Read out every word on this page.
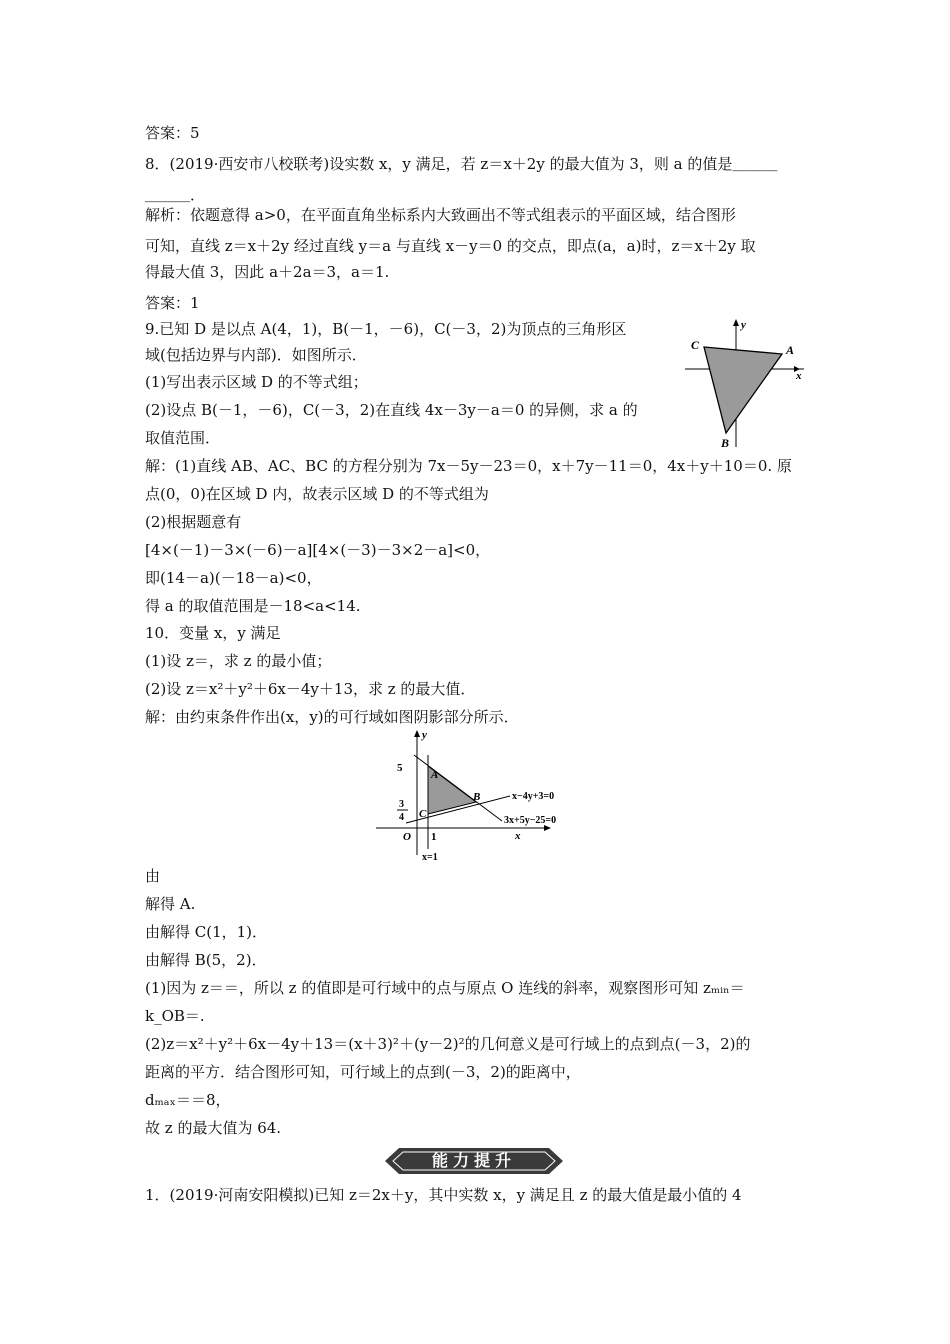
答案：5
8．(2019·西安市八校联考)设实数 x，y 满足，若 z＝x＋2y 的最大值为 3，则 a 的值是＿＿＿
＿＿＿．
解析：依题意得 a>0，在平面直角坐标系内大致画出不等式组表示的平面区域，结合图形
可知，直线 z＝x＋2y 经过直线 y＝a 与直线 x－y＝0 的交点，即点(a，a)时，z＝x＋2y 取
得最大值 3，因此 a＋2a＝3，a＝1.
答案：1
9.已知 D 是以点 A(4，1)，B(－1，－6)，C(－3，2)为顶点的三角形区
域(包括边界与内部)．如图所示．
(1)写出表示区域 D 的不等式组；
(2)设点 B(－1，－6)，C(－3，2)在直线 4x－3y－a＝0 的异侧，求 a 的
取值范围．
解：(1)直线 AB、AC、BC 的方程分别为 7x－5y－23＝0，x＋7y－11＝0，4x＋y＋10＝0. 原
点(0，0)在区域 D 内，故表示区域 D 的不等式组为
(2)根据题意有
[4×(－1)－3×(－6)－a][4×(－3)－3×2－a]<0，
即(14－a)(－18－a)<0，
得 a 的取值范围是－18<a<14.
10．变量 x，y 满足
(1)设 z＝，求 z 的最小值；
(2)设 z＝x²＋y²＋6x－4y＋13，求 z 的最大值．
解：由约束条件作出(x，y)的可行域如图阴影部分所示．
由
解得 A.
由解得 C(1，1)．
由解得 B(5，2)．
(1)因为 z＝＝，所以 z 的值即是可行域中的点与原点 O 连线的斜率，观察图形可知 zₘᵢₙ＝
k_OB＝.
(2)z＝x²＋y²＋6x－4y＋13＝(x＋3)²＋(y－2)²的几何意义是可行域上的点到点(－3，2)的
距离的平方．结合图形可知，可行域上的点到(－3，2)的距离中，
dₘₐₓ＝＝8，
故 z 的最大值为 64.
1．(2019·河南安阳模拟)已知 z＝2x＋y，其中实数 x，y 满足且 z 的最大值是最小值的 4
C	A
B
x
y
y
x
5
A
B
C
O 1
3
4
x−4y+3=0
3x+5y−25=0
x=1
能力提升
